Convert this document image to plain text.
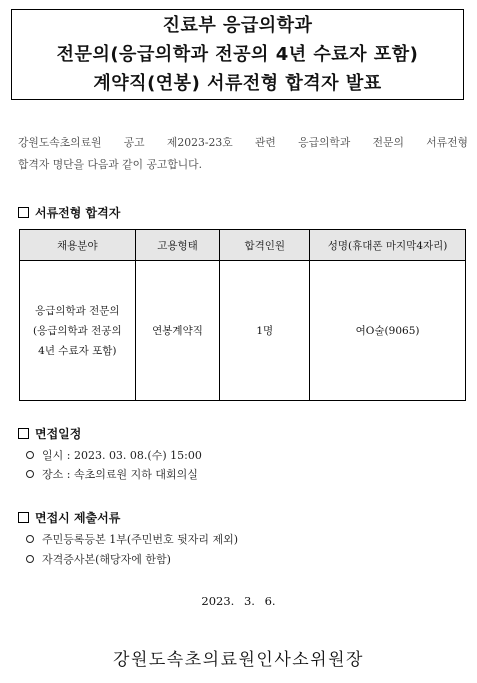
진료부 응급의학과
전문의(응급의학과 전공의 4년 수료자 포함)
계약직(연봉) 서류전형 합격자 발표
강원도속초의료원 공고 제2023-23호 관련 응급의학과 전문의 서류전형
합격자 명단을 다음과 같이 공고합니다.
서류전형 합격자
채용분야	고용형태	합격인원	성명(휴대폰 마지막4자리)

응급의학과 전문의
(응급의학과 전공의
4년 수료자 포함)	연봉계약직	1명	여O술(9065)
면접일정
일시 : 2023. 03. 08.(수) 15:00
장소 : 속초의료원 지하 대회의실
면접시 제출서류
주민등록등본 1부(주민번호 뒷자리 제외)
자격증사본(해당자에 한함)
2023. 3. 6.
강원도속초의료원인사소위원장
